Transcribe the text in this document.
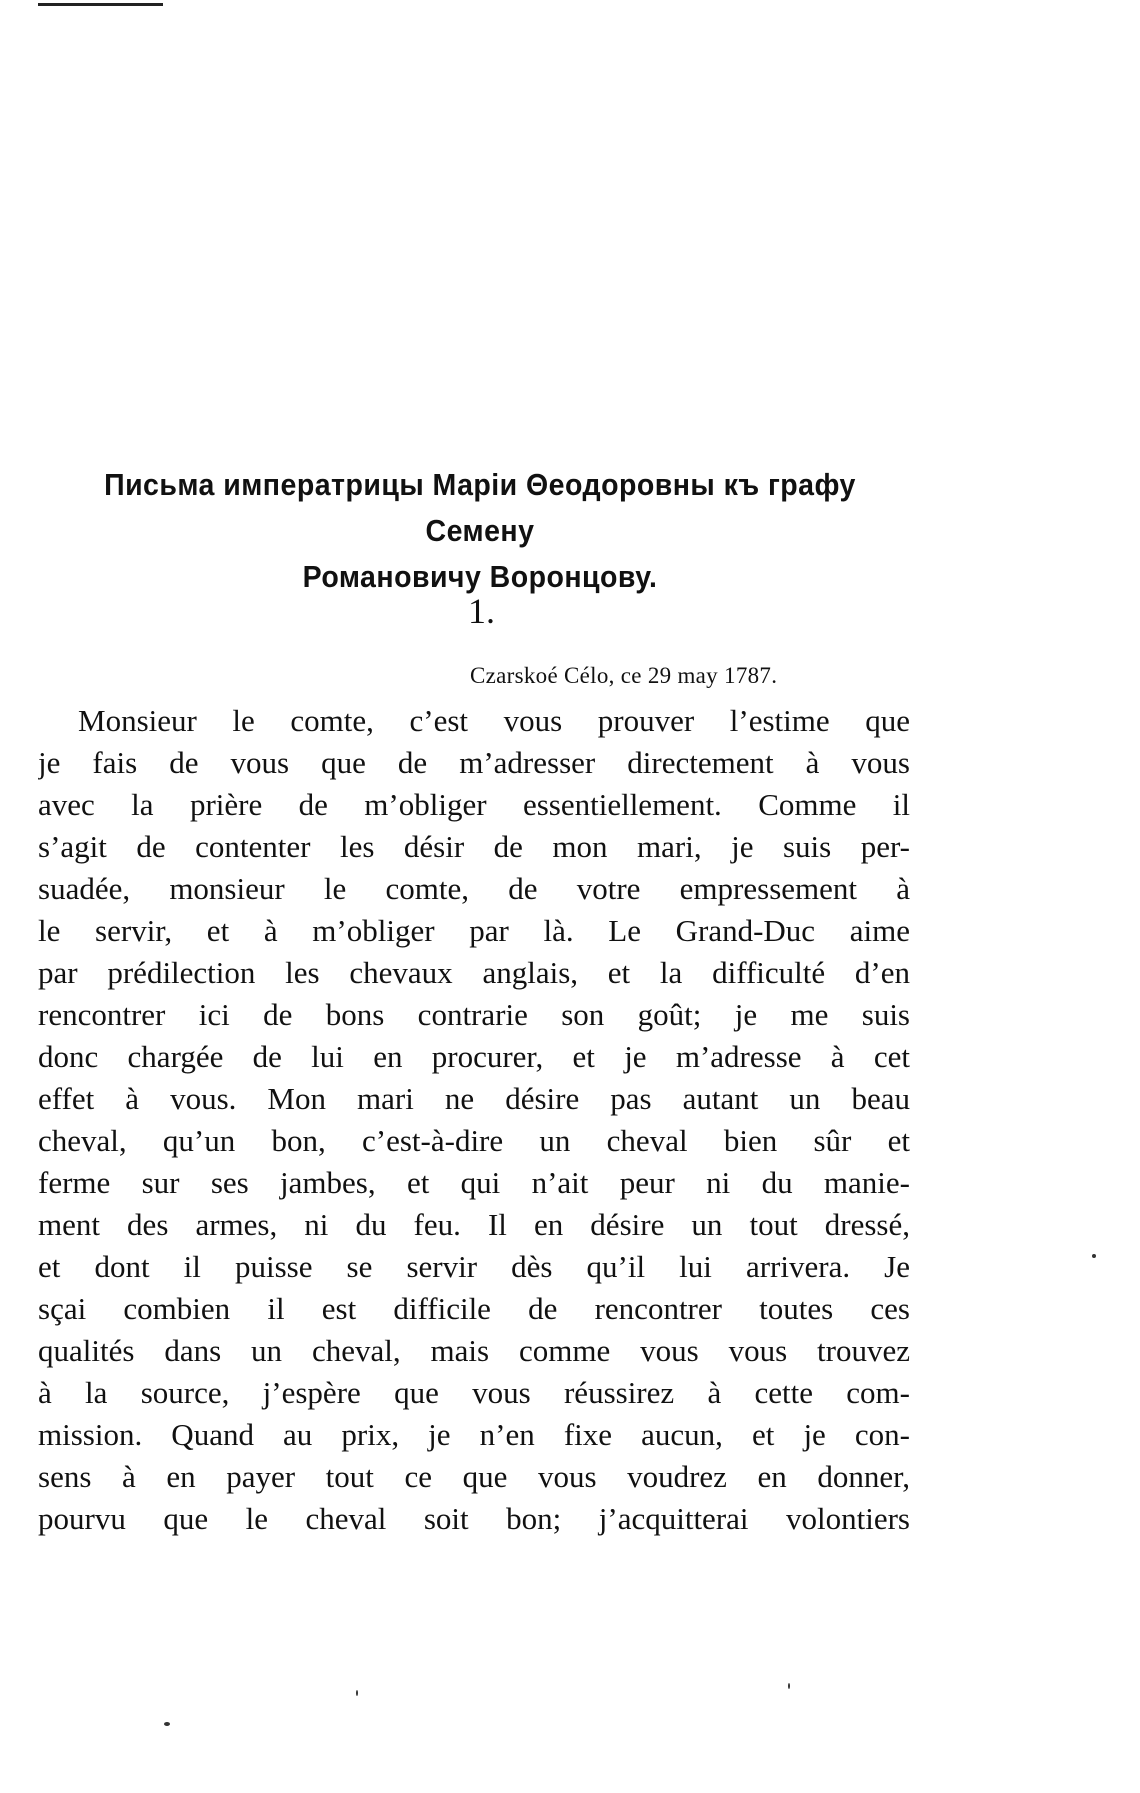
Письма императрицы Марiи Θеодоровны къ графу Семену
Романовичу Воронцову.
1.
Czarskoé Célo, ce 29 may 1787.
Monsieur le comte, c’est vous prouver l’estime que
je fais de vous que de m’adresser directement à vous
avec la prière de m’obliger essentiellement. Comme il
s’agit de contenter les désir de mon mari, je suis per-
suadée, monsieur le comte, de votre empressement à
le servir, et à m’obliger par là. Le Grand-Duc aime
par prédilection les chevaux anglais, et la difficulté d’en
rencontrer ici de bons contrarie son goût; je me suis
donc chargée de lui en procurer, et je m’adresse à cet
effet à vous. Mon mari ne désire pas autant un beau
cheval, qu’un bon, c’est-à-dire un cheval bien sûr et
ferme sur ses jambes, et qui n’ait peur ni du manie-
ment des armes, ni du feu. Il en désire un tout dressé,
et dont il puisse se servir dès qu’il lui arrivera. Je
sçai combien il est difficile de rencontrer toutes ces
qualités dans un cheval, mais comme vous vous trouvez
à la source, j’espère que vous réussirez à cette com-
mission. Quand au prix, je n’en fixe aucun, et je con-
sens à en payer tout ce que vous voudrez en donner,
pourvu que le cheval soit bon; j’acquitterai volontiers
